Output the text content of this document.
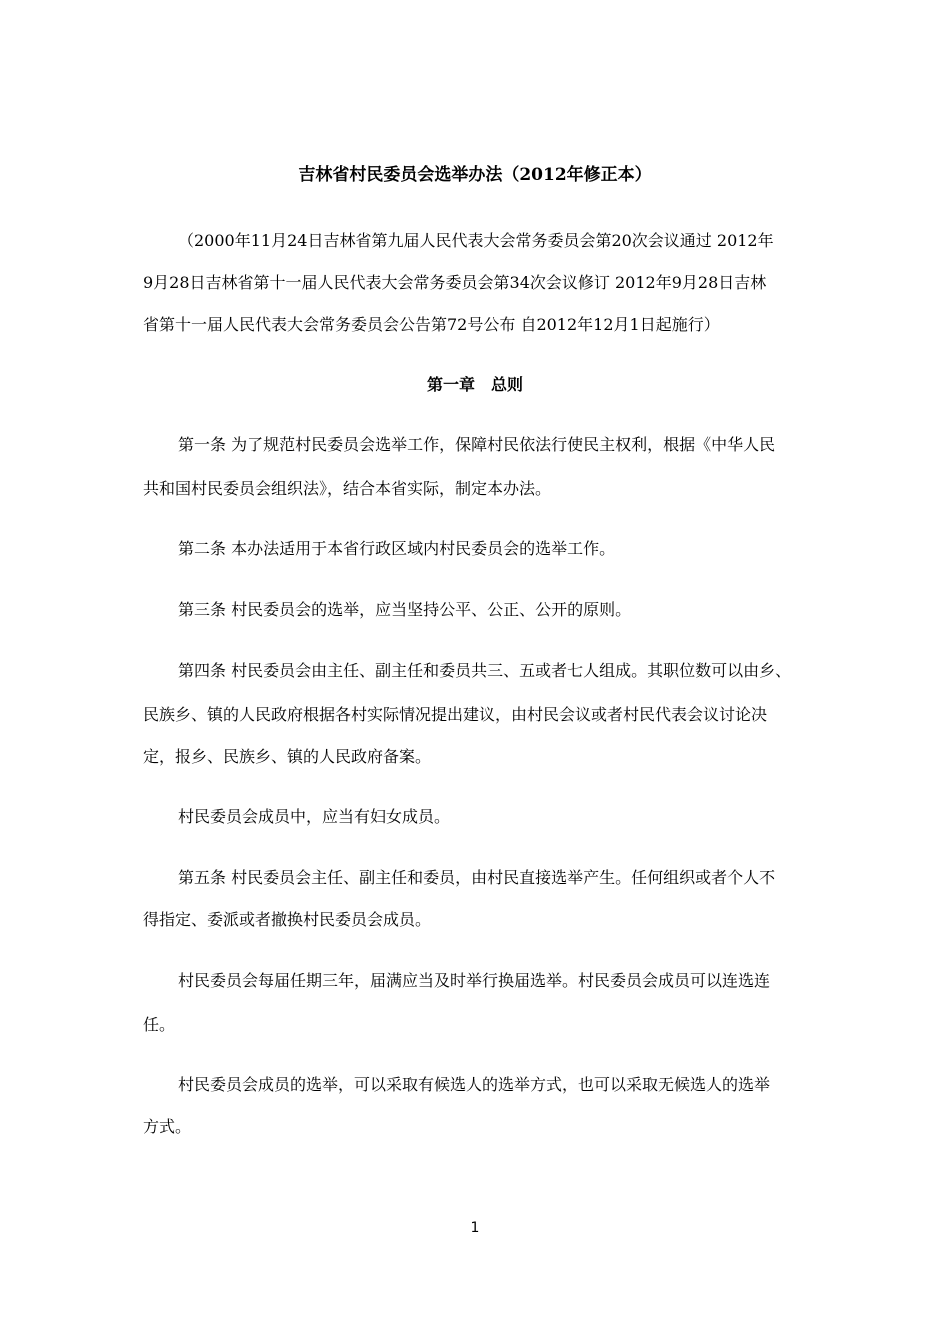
吉林省村民委员会选举办法（2012年修正本）
（2000年11月24日吉林省第九届人民代表大会常务委员会第20次会议通过 2012年
9月28日吉林省第十一届人民代表大会常务委员会第34次会议修订 2012年9月28日吉林
省第十一届人民代表大会常务委员会公告第72号公布 自2012年12月1日起施行）
第一章　总则
第一条 为了规范村民委员会选举工作，保障村民依法行使民主权利，根据《中华人民
共和国村民委员会组织法》，结合本省实际，制定本办法。
第二条 本办法适用于本省行政区域内村民委员会的选举工作。
第三条 村民委员会的选举，应当坚持公平、公正、公开的原则。
第四条 村民委员会由主任、副主任和委员共三、五或者七人组成。其职位数可以由乡、
民族乡、镇的人民政府根据各村实际情况提出建议，由村民会议或者村民代表会议讨论决
定，报乡、民族乡、镇的人民政府备案。
村民委员会成员中，应当有妇女成员。
第五条 村民委员会主任、副主任和委员，由村民直接选举产生。任何组织或者个人不
得指定、委派或者撤换村民委员会成员。
村民委员会每届任期三年，届满应当及时举行换届选举。村民委员会成员可以连选连
任。
村民委员会成员的选举，可以采取有候选人的选举方式，也可以采取无候选人的选举
方式。
1
